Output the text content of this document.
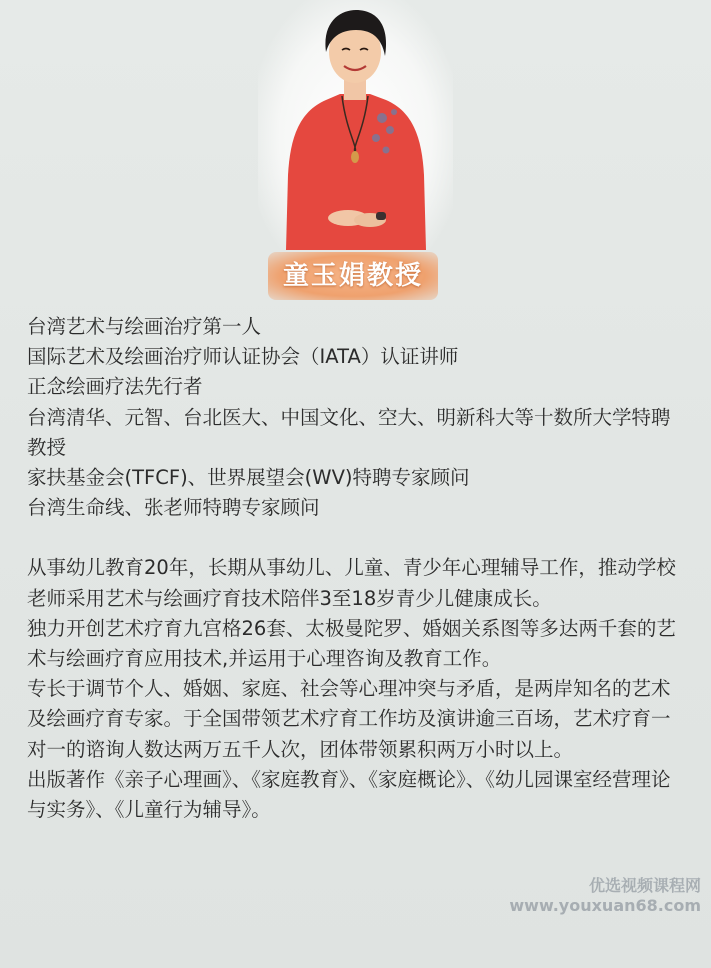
童玉娟教授

台湾艺术与绘画治疗第一人

国际艺术及绘画治疗师认证协会（IATA）认证讲师

正念绘画疗法先行者

台湾清华、元智、台北医大、中国文化、空大、明新科大等十数所大学特聘教授

家扶基金会(TFCF)、世界展望会(WV)特聘专家顾问

台湾生命线、张老师特聘专家顾问

从事幼儿教育20年，长期从事幼儿、儿童、青少年心理辅导工作，推动学校老师采用艺术与绘画疗育技术陪伴3至18岁青少儿健康成长。

独力开创艺术疗育九宫格26套、太极曼陀罗、婚姻关系图等多达两千套的艺术与绘画疗育应用技术,并运用于心理咨询及教育工作。

专长于调节个人、婚姻、家庭、社会等心理冲突与矛盾，是两岸知名的艺术及绘画疗育专家。于全国带领艺术疗育工作坊及演讲逾三百场，艺术疗育一对一的谘询人数达两万五千人次，团体带领累积两万小时以上。

出版著作《亲子心理画》、《家庭教育》、《家庭概论》、《幼儿园课室经营理论与实务》、《儿童行为辅导》。

优选视频课程网
www.youxuan68.com
